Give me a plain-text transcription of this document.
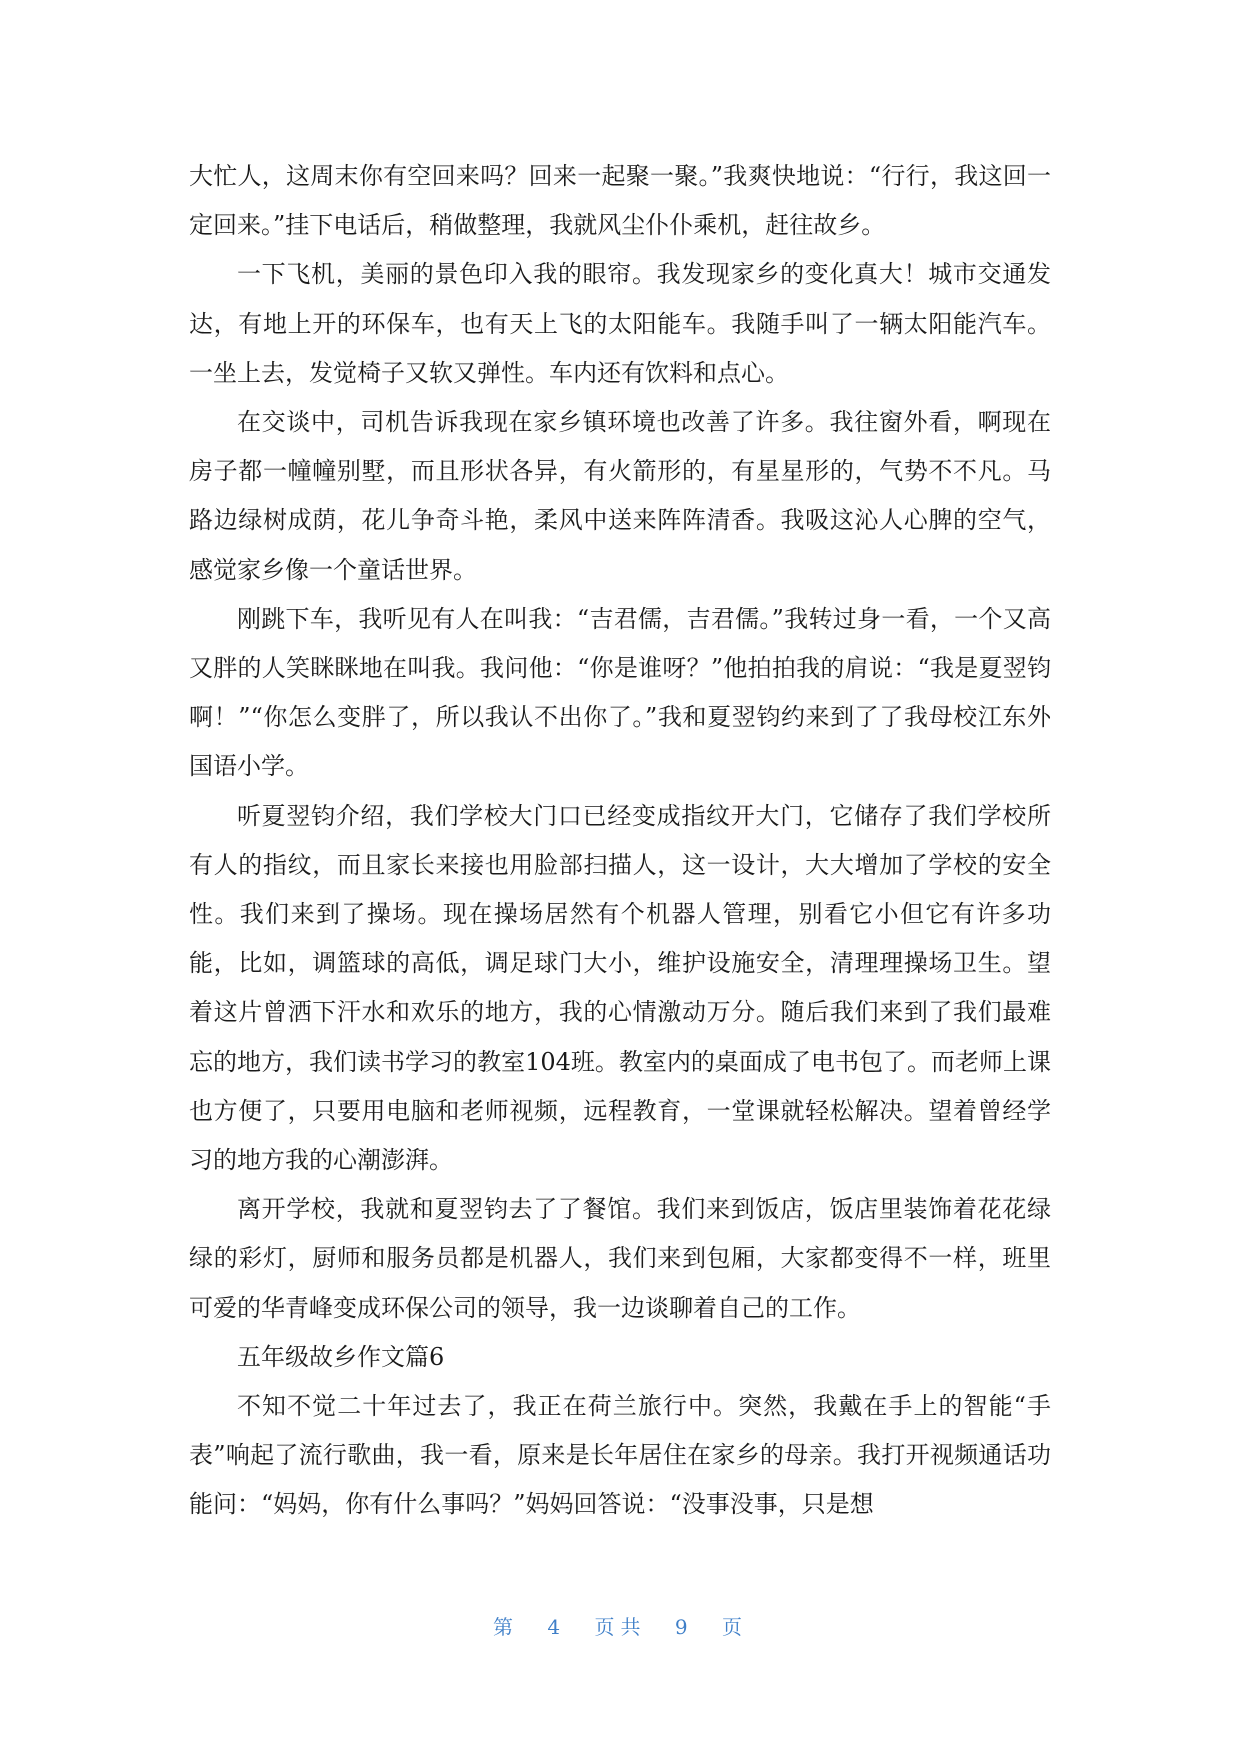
大忙人，这周末你有空回来吗？回来一起聚一聚。”我爽快地说：“行行，我这回一定回来。”挂下电话后，稍做整理，我就风尘仆仆乘机，赶往故乡。

一下飞机，美丽的景色印入我的眼帘。我发现家乡的变化真大！城市交通发达，有地上开的环保车，也有天上飞的太阳能车。我随手叫了一辆太阳能汽车。一坐上去，发觉椅子又软又弹性。车内还有饮料和点心。

在交谈中，司机告诉我现在家乡镇环境也改善了许多。我往窗外看，啊现在房子都一幢幢别墅，而且形状各异，有火箭形的，有星星形的，气势不不凡。马路边绿树成荫，花儿争奇斗艳，柔风中送来阵阵清香。我吸这沁人心脾的空气，感觉家乡像一个童话世界。

刚跳下车，我听见有人在叫我：“吉君儒，吉君儒。”我转过身一看，一个又高又胖的人笑眯眯地在叫我。我问他：“你是谁呀？”他拍拍我的肩说：“我是夏翌钧啊！”“你怎么变胖了，所以我认不出你了。”我和夏翌钧约来到了了我母校江东外国语小学。

听夏翌钧介绍，我们学校大门口已经变成指纹开大门，它储存了我们学校所有人的指纹，而且家长来接也用脸部扫描人，这一设计，大大增加了学校的安全性。我们来到了操场。现在操场居然有个机器人管理，别看它小但它有许多功能，比如，调篮球的高低，调足球门大小，维护设施安全，清理理操场卫生。望着这片曾洒下汗水和欢乐的地方，我的心情激动万分。随后我们来到了我们最难忘的地方，我们读书学习的教室104班。教室内的桌面成了电书包了。而老师上课也方便了，只要用电脑和老师视频，远程教育，一堂课就轻松解决。望着曾经学习的地方我的心潮澎湃。

离开学校，我就和夏翌钧去了了餐馆。我们来到饭店，饭店里装饰着花花绿绿的彩灯，厨师和服务员都是机器人，我们来到包厢，大家都变得不一样，班里可爱的华青峰变成环保公司的领导，我一边谈聊着自己的工作。

五年级故乡作文篇6

不知不觉二十年过去了，我正在荷兰旅行中。突然，我戴在手上的智能“手表”响起了流行歌曲，我一看，原来是长年居住在家乡的母亲。我打开视频通话功能问：“妈妈，你有什么事吗？”妈妈回答说：“没事没事，只是想

第 4 页共 9 页
